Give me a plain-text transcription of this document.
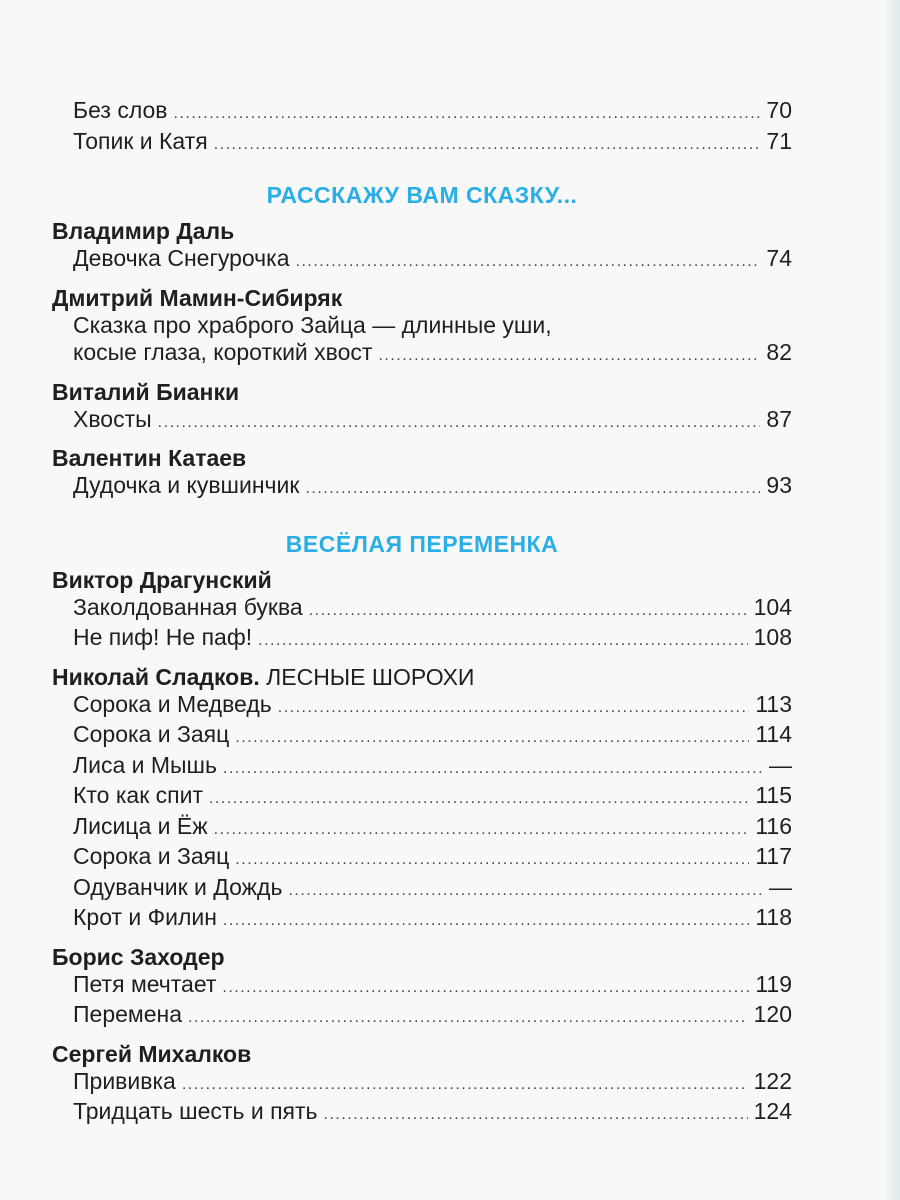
Без слов .....	70
Топик и Катя .....	71
РАССКАЖУ ВАМ СКАЗКУ...
Владимир Даль
Девочка Снегурочка .....	74
Дмитрий Мамин-Сибиряк
Сказка про храброго Зайца — длинные уши,
косые глаза, короткий хвост .....	82
Виталий Бианки
Хвосты .....	87
Валентин Катаев
Дудочка и кувшинчик .....	93
ВЕСЁЛАЯ ПЕРЕМЕНКА
Виктор Драгунский
Заколдованная буква .....	104
Не пиф! Не паф! .....	108
Николай Сладков. ЛЕСНЫЕ ШОРОХИ
Сорока и Медведь .....	113
Сорока и Заяц .....	114
Лиса и Мышь .....	—
Кто как спит .....	115
Лисица и Ёж .....	116
Сорока и Заяц .....	117
Одуванчик и Дождь .....	—
Крот и Филин .....	118
Борис Заходер
Петя мечтает .....	119
Перемена .....	120
Сергей Михалков
Прививка .....	122
Тридцать шесть и пять .....	124
